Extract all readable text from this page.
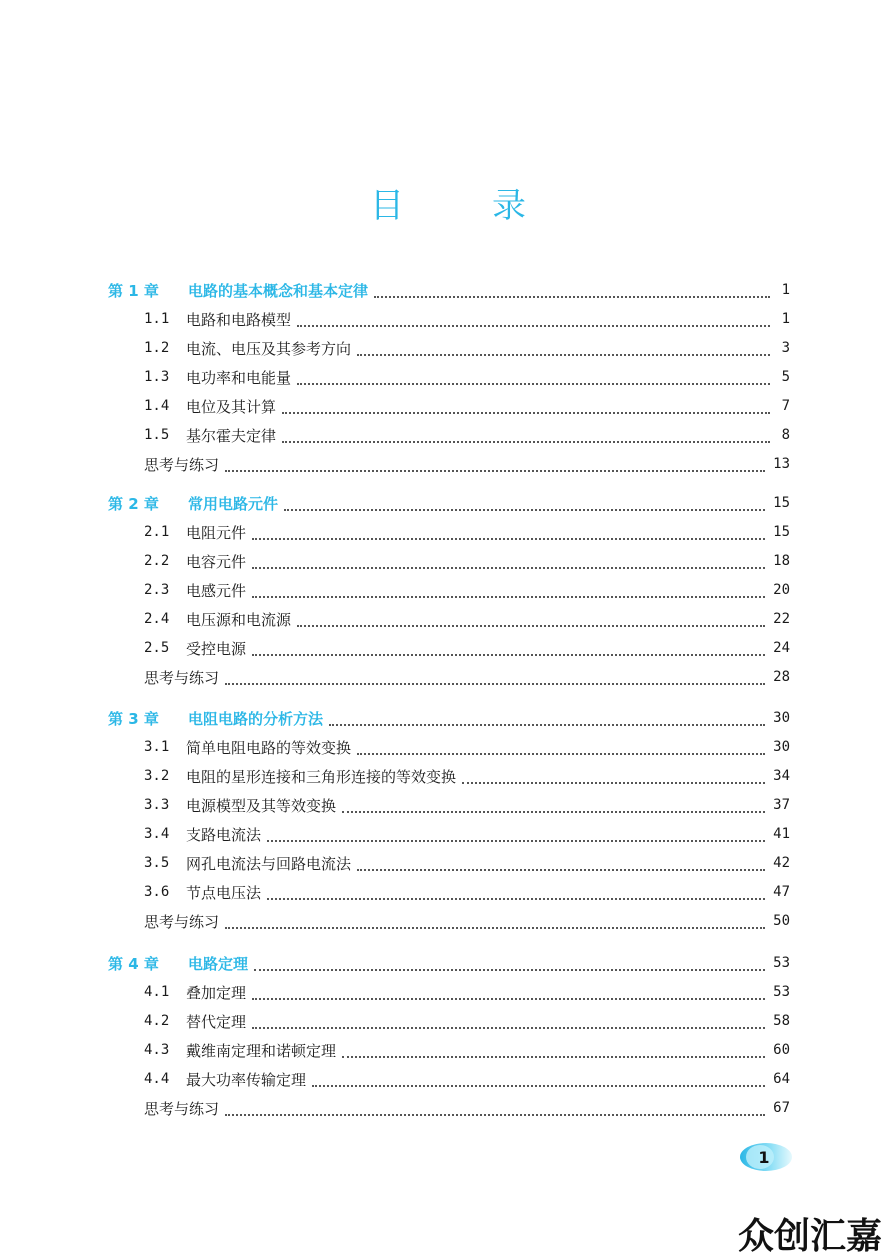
目	录
第 1 章	电路的基本概念和基本定律	1
1.1	电路和电路模型	1
1.2	电流、电压及其参考方向	3
1.3	电功率和电能量	5
1.4	电位及其计算	7
1.5	基尔霍夫定律	8
思考与练习	13
第 2 章	常用电路元件	15
2.1	电阻元件	15
2.2	电容元件	18
2.3	电感元件	20
2.4	电压源和电流源	22
2.5	受控电源	24
思考与练习	28
第 3 章	电阻电路的分析方法	30
3.1	简单电阻电路的等效变换	30
3.2	电阻的星形连接和三角形连接的等效变换	34
3.3	电源模型及其等效变换	37
3.4	支路电流法	41
3.5	网孔电流法与回路电流法	42
3.6	节点电压法	47
思考与练习	50
第 4 章	电路定理	53
4.1	叠加定理	53
4.2	替代定理	58
4.3	戴维南定理和诺顿定理	60
4.4	最大功率传输定理	64
思考与练习	67
1
众创汇嘉
